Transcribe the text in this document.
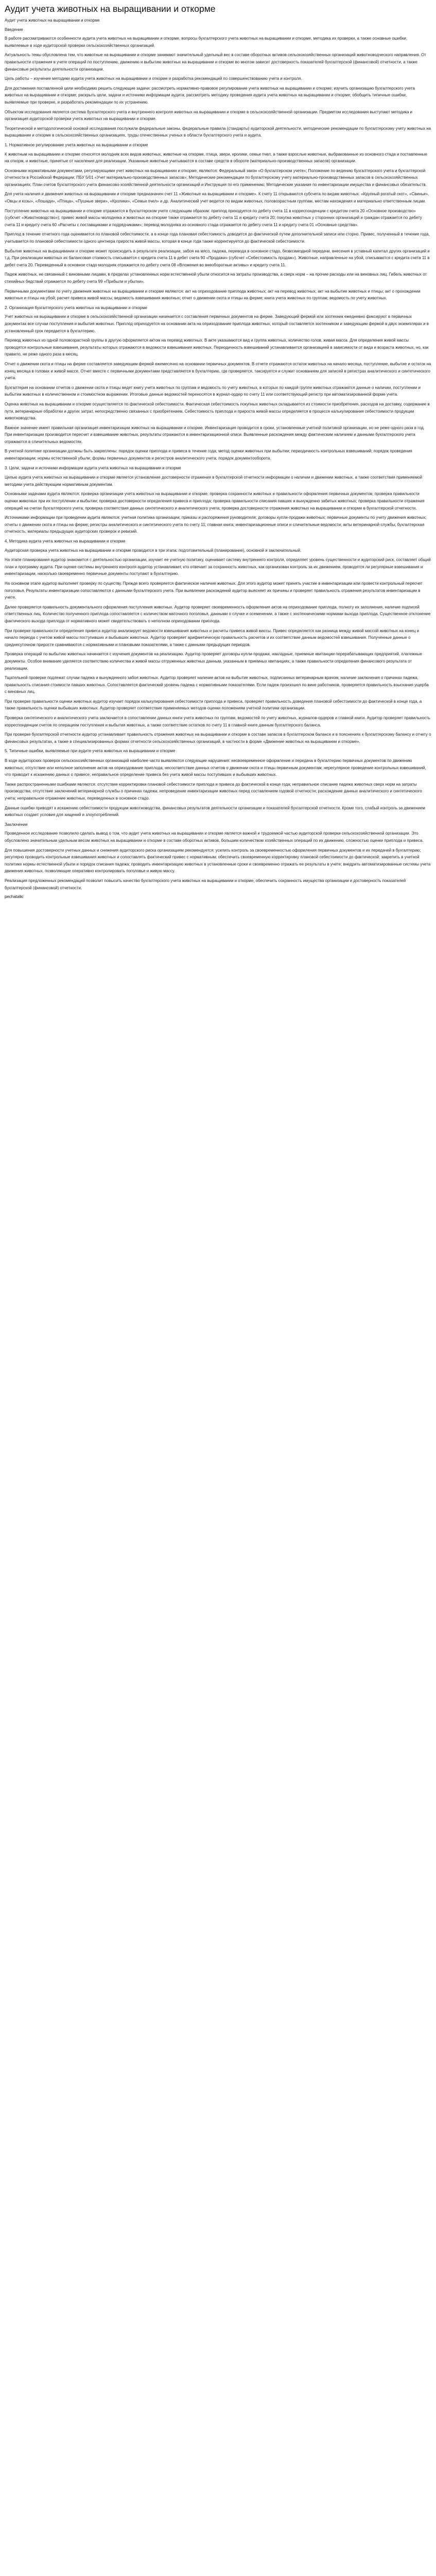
Аудит учета животных на выращивании и откорме

Аудит учета животных на выращивании и откорме

Введение

В работе рассматриваются особенности аудита учета животных на выращивании и откорме, вопросы бухгалтерского учета животных на выращивании и откорме, методика их проверки, а также основные ошибки, выявляемые в ходе аудиторской проверки сельскохозяйственных организаций.

Актуальность темы обусловлена тем, что животные на выращивании и откорме занимают значительный удельный вес в составе оборотных активов сельскохозяйственных организаций животноводческого направления. От правильности отражения в учете операций по поступлению, движению и выбытию животных на выращивании и откорме во многом зависит достоверность показателей бухгалтерской (финансовой) отчетности, а также финансовые результаты деятельности организации.

Цель работы – изучение методики аудита учета животных на выращивании и откорме и разработка рекомендаций по совершенствованию учета и контроля.

Для достижения поставленной цели необходимо решить следующие задачи: рассмотреть нормативно-правовое регулирование учета животных на выращивании и откорме; изучить организацию бухгалтерского учета животных на выращивании и откорме; раскрыть цели, задачи и источники информации аудита; рассмотреть методику проведения аудита учета животных на выращивании и откорме; обобщить типичные ошибки, выявляемые при проверке, и разработать рекомендации по их устранению.

Объектом исследования является система бухгалтерского учета и внутреннего контроля животных на выращивании и откорме в сельскохозяйственной организации. Предметом исследования выступают методика и организация аудиторской проверки учета животных на выращивании и откорме.

Теоретической и методологической основой исследования послужили федеральные законы, федеральные правила (стандарты) аудиторской деятельности, методические рекомендации по бухгалтерскому учету животных на выращивании и откорме в сельскохозяйственных организациях, труды отечественных ученых в области бухгалтерского учета и аудита.

1. Нормативное регулирование учета животных на выращивании и откорме

К животным на выращивании и откорме относятся молодняк всех видов животных, животные на откорме, птица, звери, кролики, семьи пчел, а также взрослые животные, выбракованные из основного стада и поставленные на откорм, и животные, принятые от населения для реализации. Указанные животные учитываются в составе средств в обороте (материально-производственных запасов) организации.

Основными нормативными документами, регулирующими учет животных на выращивании и откорме, являются: Федеральный закон «О бухгалтерском учете»; Положение по ведению бухгалтерского учета и бухгалтерской отчетности в Российской Федерации; ПБУ 5/01 «Учет материально-производственных запасов»; Методические рекомендации по бухгалтерскому учету материально-производственных запасов в сельскохозяйственных организациях; План счетов бухгалтерского учета финансово-хозяйственной деятельности организаций и Инструкция по его применению; Методические указания по инвентаризации имущества и финансовых обязательств.

Для учета наличия и движения животных на выращивании и откорме предназначен счет 11 «Животные на выращивании и откорме». К счету 11 открываются субсчета по видам животных: «Крупный рогатый скот», «Свиньи», «Овцы и козы», «Лошади», «Птица», «Пушные звери», «Кролики», «Семьи пчел» и др. Аналитический учет ведется по видам животных, половозрастным группам, местам нахождения и материально ответственным лицам.

Поступление животных на выращивании и откорме отражается в бухгалтерском учете следующим образом: приплод приходуется по дебету счета 11 в корреспонденции с кредитом счета 20 «Основное производство» (субсчет «Животноводство»); привес живой массы молодняка и животных на откорме также отражается по дебету счета 11 и кредиту счета 20; покупка животных у сторонних организаций и граждан отражается по дебету счета 11 и кредиту счета 60 «Расчеты с поставщиками и подрядчиками»; перевод молодняка из основного стада отражается по дебету счета 11 и кредиту счета 01 «Основные средства».

Приплод в течение отчетного года оценивается по плановой себестоимости, а в конце года плановая себестоимость доводится до фактической путем дополнительной записи или сторно. Привес, полученный в течение года, учитывается по плановой себестоимости одного центнера прироста живой массы, которая в конце года также корректируется до фактической себестоимости.

Выбытие животных на выращивании и откорме может происходить в результате реализации, забоя на мясо, падежа, перевода в основное стадо, безвозмездной передачи, внесения в уставный капитал других организаций и т.д. При реализации животных их балансовая стоимость списывается с кредита счета 11 в дебет счета 90 «Продажи» (субсчет «Себестоимость продаж»). Животные, направленные на убой, списываются с кредита счета 11 в дебет счета 20. Переведенный в основное стадо молодняк отражается по дебету счета 08 «Вложения во внеоборотные активы» и кредиту счета 11.

Падеж животных, не связанный с виновными лицами, в пределах установленных норм естественной убыли относится на затраты производства, а сверх норм – на прочие расходы или на виновных лиц. Гибель животных от стихийных бедствий отражается по дебету счета 99 «Прибыли и убытки».

Первичными документами по учету движения животных на выращивании и откорме являются: акт на оприходование приплода животных; акт на перевод животных; акт на выбытие животных и птицы; акт о прохождении животных и птицы на убой; расчет привеса живой массы; ведомость взвешивания животных; отчет о движении скота и птицы на ферме; книга учета животных по группам; ведомость по учету животных.

2. Организация бухгалтерского учета животных на выращивании и откорме

Учет животных на выращивании и откорме в сельскохозяйственной организации начинается с составления первичных документов на ферме. Заведующий фермой или зоотехник ежедневно фиксируют в первичных документах все случаи поступления и выбытия животных. Приплод оприходуется на основании акта на оприходование приплода животных, который составляется зоотехником и заведующим фермой в двух экземплярах и в установленный срок передается в бухгалтерию.

Перевод животных из одной половозрастной группы в другую оформляется актом на перевод животных. В акте указываются вид и группа животных, количество голов, живая масса. Для определения живой массы проводятся контрольные взвешивания, результаты которых отражаются в ведомости взвешивания животных. Периодичность взвешиваний устанавливается организацией в зависимости от вида и возраста животных, но, как правило, не реже одного раза в месяц.

Отчет о движении скота и птицы на ферме составляется заведующим фермой ежемесячно на основании первичных документов. В отчете отражаются остаток животных на начало месяца, поступление, выбытие и остаток на конец месяца в головах и живой массе. Отчет вместе с первичными документами представляется в бухгалтерию, где проверяется, таксируется и служит основанием для записей в регистрах аналитического и синтетического учета.

Бухгалтерия на основании отчетов о движении скота и птицы ведет книгу учета животных по группам и ведомость по учету животных, в которых по каждой группе животных отражаются данные о наличии, поступлении и выбытии животных в количественном и стоимостном выражении. Итоговые данные ведомостей переносятся в журнал-ордер по счету 11 или соответствующий регистр при автоматизированной форме учета.

Оценка животных на выращивании и откорме осуществляется по фактической себестоимости. Фактическая себестоимость покупных животных складывается из стоимости приобретения, расходов на доставку, содержание в пути, ветеринарные обработки и других затрат, непосредственно связанных с приобретением. Себестоимость приплода и прироста живой массы определяется в процессе калькулирования себестоимости продукции животноводства.

Важное значение имеет правильная организация инвентаризации животных на выращивании и откорме. Инвентаризация проводится в сроки, установленные учетной политикой организации, но не реже одного раза в год. При инвентаризации производится пересчет и взвешивание животных, результаты отражаются в инвентаризационной описи. Выявленные расхождения между фактическим наличием и данными бухгалтерского учета отражаются в сличительных ведомостях.

В учетной политике организации должны быть закреплены: порядок оценки приплода и привеса в течение года; метод оценки животных при выбытии; периодичность контрольных взвешиваний; порядок проведения инвентаризации; нормы естественной убыли; формы первичных документов и регистров аналитического учета; порядок документооборота.

3. Цели, задачи и источники информации аудита учета животных на выращивании и откорме

Целью аудита учета животных на выращивании и откорме является установление достоверности отражения в бухгалтерской отчетности информации о наличии и движении животных, а также соответствия применяемой методики учета действующим нормативным документам.

Основными задачами аудита являются: проверка организации учета животных на выращивании и откорме; проверка сохранности животных и правильности оформления первичных документов; проверка правильности оценки животных при их поступлении и выбытии; проверка достоверности определения привеса и приплода; проверка правильности списания павших и вынужденно забитых животных; проверка правильности отражения операций на счетах бухгалтерского учета; проверка соответствия данных синтетического и аналитического учета; проверка достоверности отражения животных на выращивании и откорме в бухгалтерской отчетности.

Источниками информации при проведении аудита являются: учетная политика организации; приказы и распоряжения руководителя; договоры купли-продажи животных; первичные документы по учету движения животных; отчеты о движении скота и птицы на ферме; регистры аналитического и синтетического учета по счету 11; главная книга; инвентаризационные описи и сличительные ведомости; акты ветеринарной службы; бухгалтерская отчетность; материалы предыдущих аудиторских проверок и ревизий.

4. Методика аудита учета животных на выращивании и откорме

Аудиторская проверка учета животных на выращивании и откорме проводится в три этапа: подготовительный (планирование), основной и заключительный.

На этапе планирования аудитор знакомится с деятельностью организации, изучает ее учетную политику, оценивает систему внутреннего контроля, определяет уровень существенности и аудиторский риск, составляет общий план и программу аудита. При оценке системы внутреннего контроля аудитор устанавливает, кто отвечает за сохранность животных, как организован контроль за их движением, проводятся ли регулярные взвешивания и инвентаризации, насколько своевременно первичные документы поступают в бухгалтерию.

На основном этапе аудитор выполняет проверку по существу. Прежде всего проверяется фактическое наличие животных. Для этого аудитор может принять участие в инвентаризации или провести контрольный пересчет поголовья. Результаты инвентаризации сопоставляются с данными бухгалтерского учета. При выявлении расхождений аудитор выясняет их причины и проверяет правильность отражения результатов инвентаризации в учете.

Далее проверяется правильность документального оформления поступления животных. Аудитор проверяет своевременность оформления актов на оприходование приплода, полноту их заполнения, наличие подписей ответственных лиц. Количество полученного приплода сопоставляется с количеством маточного поголовья, данными о случке и осеменении, а также с зоотехническими нормами выхода приплода. Существенное отклонение фактического выхода приплода от нормативного может свидетельствовать о неполном оприходовании приплода.

При проверке правильности определения привеса аудитор анализирует ведомости взвешивания животных и расчеты привеса живой массы. Привес определяется как разница между живой массой животных на конец и начало периода с учетом живой массы поступивших и выбывших животных. Аудитор проверяет арифметическую правильность расчетов и их соответствие данным ведомостей взвешивания. Полученные данные о среднесуточном приросте сравниваются с нормативными и плановыми показателями, а также с данными предыдущих периодов.

Проверка операций по выбытию животных начинается с изучения документов на реализацию. Аудитор проверяет договоры купли-продажи, накладные, приемные квитанции перерабатывающих предприятий, платежные документы. Особое внимание уделяется соответствию количества и живой массы отгруженных животных данным, указанным в приемных квитанциях, а также правильности определения финансового результата от реализации.

Тщательной проверке подлежат случаи падежа и вынужденного забоя животных. Аудитор проверяет наличие актов на выбытие животных, подписанных ветеринарным врачом, наличие заключения о причинах падежа, правильность списания стоимости павших животных. Сопоставляется фактический уровень падежа с нормативными показателями. Если падеж произошел по вине работников, проверяется правильность взыскания ущерба с виновных лиц.

При проверке правильности оценки животных аудитор изучает порядок калькулирования себестоимости приплода и привеса, проверяет правильность доведения плановой себестоимости до фактической в конце года, а также правильность оценки выбывших животных. Аудитор проверяет соответствие применяемых методов оценки положениям учетной политики организации.

Проверка синтетического и аналитического учета заключается в сопоставлении данных книги учета животных по группам, ведомостей по учету животных, журналов-ордеров и главной книги. Аудитор проверяет правильность корреспонденции счетов по операциям поступления и выбытия животных, а также соответствие остатков по счету 11 в главной книге данным бухгалтерского баланса.

При проверке бухгалтерской отчетности аудитор устанавливает правильность отражения животных на выращивании и откорме в составе запасов в бухгалтерском балансе и в пояснениях к бухгалтерскому балансу и отчету о финансовых результатах, а также в специализированных формах отчетности сельскохозяйственных организаций, в частности в форме «Движение животных на выращивании и откорме».

5. Типичные ошибки, выявляемые при аудите учета животных на выращивании и откорме

В ходе аудиторских проверок сельскохозяйственных организаций наиболее часто выявляются следующие нарушения: несвоевременное оформление и передача в бухгалтерию первичных документов по движению животных; отсутствие или неполное заполнение актов на оприходование приплода; несоответствие данных отчетов о движении скота и птицы первичным документам; нерегулярное проведение контрольных взвешиваний, что приводит к искажению данных о привесе; неправильное определение привеса без учета живой массы поступивших и выбывших животных.

Также распространенными ошибками являются: отсутствие корректировки плановой себестоимости приплода и привеса до фактической в конце года; неправильное списание падежа животных сверх норм на затраты производства; отсутствие заключений ветеринарной службы о причинах падежа; непроведение инвентаризации животных перед составлением годовой отчетности; расхождение данных аналитического и синтетического учета; неправильное отражение животных, переведенных в основное стадо.

Данные ошибки приводят к искажению себестоимости продукции животноводства, финансовых результатов деятельности организации и показателей бухгалтерской отчетности. Кроме того, слабый контроль за движением животных создает условия для хищений и злоупотреблений.

Заключение

Проведенное исследование позволило сделать вывод о том, что аудит учета животных на выращивании и откорме является важной и трудоемкой частью аудиторской проверки сельскохозяйственной организации. Это обусловлено значительным удельным весом животных на выращивании и откорме в составе оборотных активов, большим количеством хозяйственных операций по их движению, сложностью оценки приплода и привеса.

Для повышения достоверности учетных данных и снижения аудиторского риска организациям рекомендуется: усилить контроль за своевременностью оформления первичных документов и их передачей в бухгалтерию; регулярно проводить контрольные взвешивания животных и сопоставлять фактический привес с нормативным; обеспечить своевременную корректировку плановой себестоимости до фактической; закрепить в учетной политике нормы естественной убыли и порядок списания падежа; проводить инвентаризацию животных в установленные сроки и своевременно отражать ее результаты в учете; внедрить автоматизированные системы учета движения животных, позволяющие оперативно контролировать поголовье и живую массу.

Реализация предложенных рекомендаций позволит повысить качество бухгалтерского учета животных на выращивании и откорме, обеспечить сохранность имущества организации и достоверность показателей бухгалтерской (финансовой) отчетности.

pechatalki
